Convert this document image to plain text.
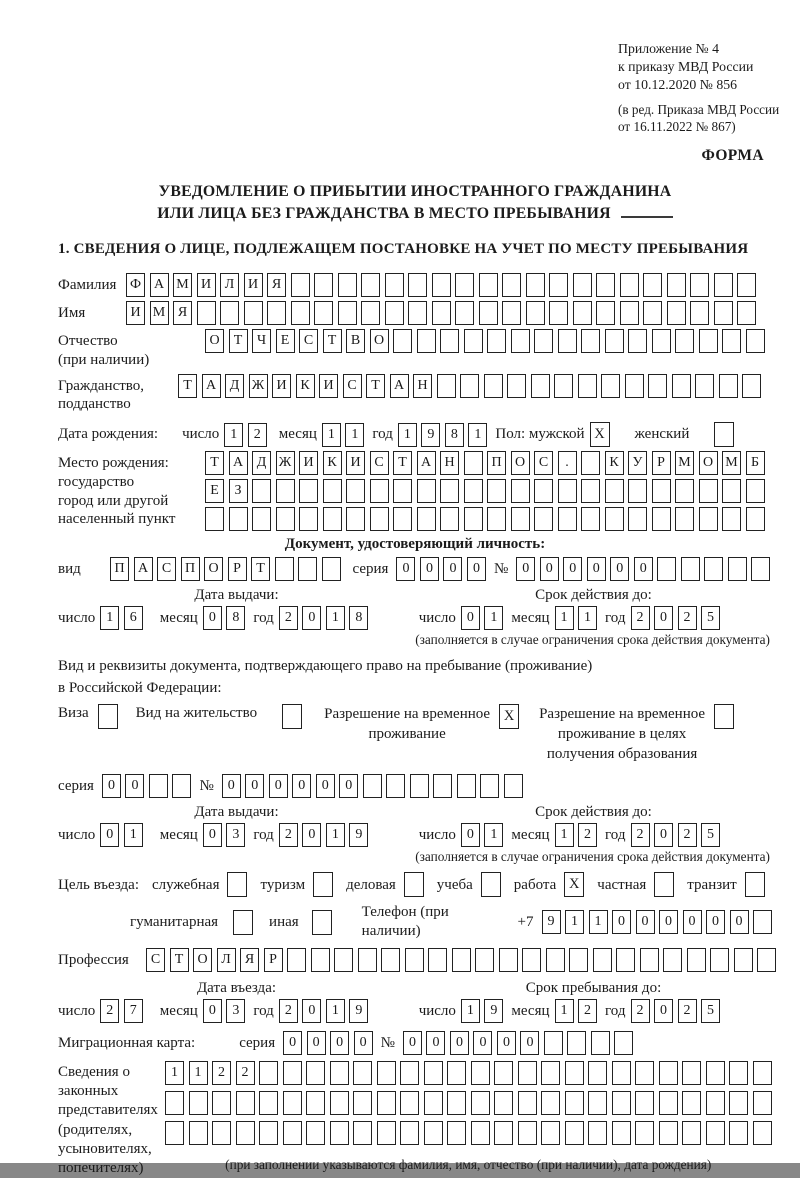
Приложение № 4
к приказу МВД России
от 10.12.2020 № 856
(в ред. Приказа МВД России
от 16.11.2022 № 867)
ФОРМА
УВЕДОМЛЕНИЕ О ПРИБЫТИИ ИНОСТРАННОГО ГРАЖДАНИНА
ИЛИ ЛИЦА БЕЗ ГРАЖДАНСТВА В МЕСТО ПРЕБЫВАНИЯ
1. СВЕДЕНИЯ О ЛИЦЕ, ПОДЛЕЖАЩЕМ ПОСТАНОВКЕ НА УЧЕТ ПО МЕСТУ ПРЕБЫВАНИЯ
Фамилия Ф А М И Л И Я
Имя	И М Я
Отчество
(при наличии)
О	Т	Ч	Е	С	Т	В О
Гражданство,
подданство
Т	А Д Ж И К И С	Т	А Н
Дата рождения: число 1	2	месяц 1	1 год 1	9	8	1 Пол: мужской X	женский
Место рождения:
государство
город или другой
населенный пункт
Т	А Д Ж И К И С	Т	А Н	П О С	.	К У	Р М О М Б
Е	З
Документ, удостоверяющий личность:
вид	П А С П О	Р	Т	серия	0	0	0	0 №	0	0	0	0	0	0
Дата выдачи:	Срок действия до:
число 1	6	месяц 0	8 год 2	0	1	8	число 0	1 месяц 1	1 год 2	0	2	5
(заполняется в случае ограничения срока действия документа)
Вид и реквизиты документа, подтверждающего право на пребывание (проживание)
в Российской Федерации:
Виза	Вид на жительство	Разрешение на временное
проживание
X	Разрешение на временное
проживание в целях
получения образования
серия	0	0	№	0	0	0	0	0	0
Дата выдачи:	Срок действия до:
число 0	1	месяц 0	3 год 2	0	1	9	число 0	1 месяц 1	2 год 2	0	2	5
(заполняется в случае ограничения срока действия документа)
Цель въезда: служебная	туризм	деловая	учеба	работа X	частная	транзит
гуманитарная	иная
Телефон (при наличии)
+7	9	1	1	0	0	0	0	0	0
Профессия	С	Т	О Л	Я	Р
Дата въезда:	Срок пребывания до:
число 2	7	месяц 0	3 год 2	0	1	9	число 1	9 месяц 1	2 год 2	0	2	5
Миграционная карта:	серия	0	0	0	0 №	0	0	0	0	0	0
Сведения о
законных
представителях
(родителях,
усыновителях,
попечителях)
1	1	2	2
(при заполнении указываются фамилия, имя, отчество (при наличии), дата рождения)
